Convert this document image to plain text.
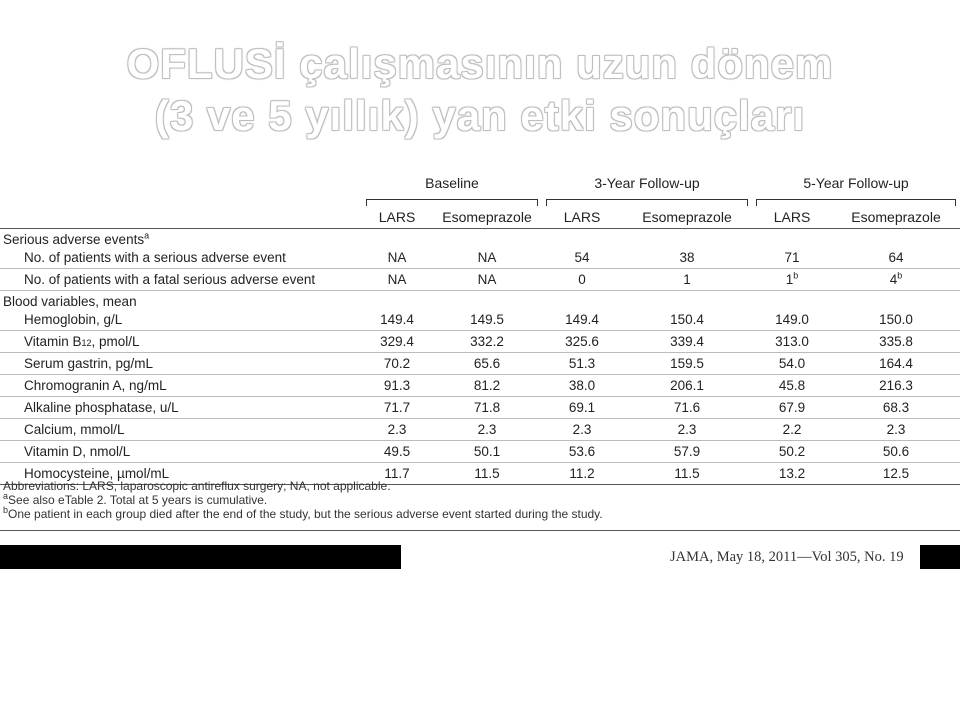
OFLUSİ çalışmasının uzun dönem
(3 ve 5 yıllık) yan etki sonuçları
	Baseline		3-Year Follow-up		5-Year Follow-up	

	LARS	Esomeprazole	LARS	Esomeprazole	LARS	Esomeprazole
Serious adverse events$^a$
No. of patients with a serious adverse event	NA	NA	54	38	71	64
No. of patients with a fatal serious adverse event	NA	NA	0	1	1$^b$	4$^b$
Blood variables, mean						
Hemoglobin, g/L	149.4	149.5	149.4	150.4	149.0	150.0
Vitamin B12, pmol/L	329.4	332.2	325.6	339.4	313.0	335.8
Serum gastrin, pg/mL	70.2	65.6	51.3	159.5	54.0	164.4
Chromogranin A, ng/mL	91.3	81.2	38.0	206.1	45.8	216.3
Alkaline phosphatase, u/L	71.7	71.8	69.1	71.6	67.9	68.3
Calcium, mmol/L	2.3	2.3	2.3	2.3	2.2	2.3
Vitamin D, nmol/L	49.5	50.1	53.6	57.9	50.2	50.6
Homocysteine, µmol/mL	11.7	11.5	11.2	11.5	13.2	12.5
Abbreviations: LARS, laparoscopic antireflux surgery; NA, not applicable.
$^a$See also eTable 2. Total at 5 years is cumulative.
$^b$One patient in each group died after the end of the study, but the serious adverse event started during the study.
JAMA, May 18, 2011—Vol 305, No. 19
